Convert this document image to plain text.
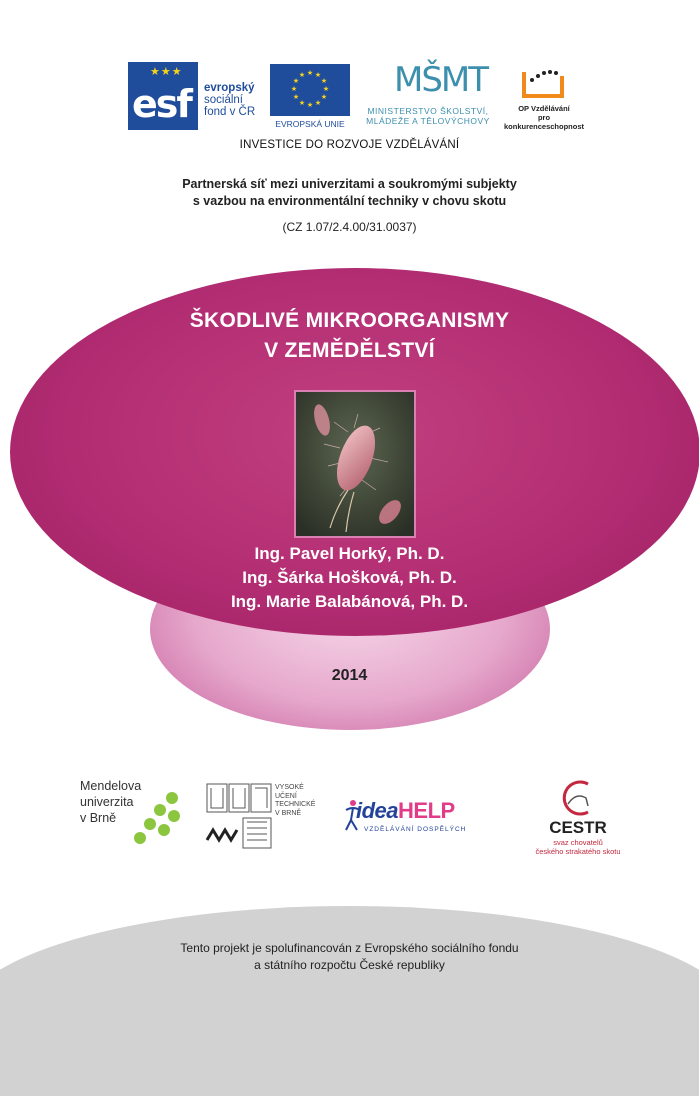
★★★
esf evropský
sociální
fond v ČR
★ ★
★
★
★
★
★
★
★
★
★
★
EVROPSKÁ UNIE
MŠMT
MINISTERSTVO ŠKOLSTVÍ,
MLÁDEŽE A TĚLOVÝCHOVY
OP Vzdělávání
pro konkurenceschopnost
INVESTICE DO ROZVOJE VZDĚLÁVÁNÍ
Partnerská síť mezi univerzitami a soukromými subjekty
s vazbou na environmentální techniky v chovu skotu
(CZ 1.07/2.4.00/31.0037)
ŠKODLIVÉ MIKROORGANISMY
V ZEMĚDĚLSTVÍ
Ing. Pavel Horký, Ph. D.
Ing. Šárka Hošková, Ph. D.
Ing. Marie Balabánová, Ph. D.
2014
Mendelova
univerzita
v Brně
VYSOKÉ
UČENÍ
TECHNICKÉ
V BRNĚ	ideaHELP
VZDĚLÁVÁNÍ DOSPĚLÝCH	CESTR
svaz chovatelů
českého strakatého skotu
Tento projekt je spolufinancován z Evropského sociálního fondu
a státního rozpočtu České republiky
